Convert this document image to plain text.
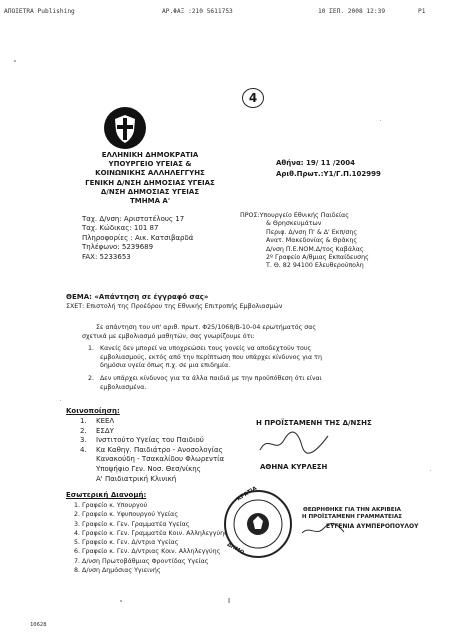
ΑΠΟΙΕΤRA Publishing	ΑΡ.ΦΑΞ :210 5611753	10 ΣΕΠ. 2008 12:39	P1
4
ΕΛΛΗΝΙΚΗ ΔΗΜΟΚΡΑΤΙΑ
ΥΠΟΥΡΓΕΙΟ ΥΓΕΙΑΣ &
ΚΟΙΝΩΝΙΚΗΣ ΑΛΛΗΛΕΓΓΥΗΣ
ΓΕΝΙΚΗ Δ/ΝΣΗ ΔΗΜΟΣΙΑΣ ΥΓΕΙΑΣ
Δ/ΝΣΗ ΔΗΜΟΣΙΑΣ ΥΓΕΙΑΣ
ΤΜΗΜΑ Α'
Αθήνα: 19/ 11 /2004
Αριθ.Πρωτ.:Υ1/Γ.Π.102999
Ταχ. Δ/νση: Αριστοτέλους 17
Ταχ. Κώδικας: 101 87
Πληροφορίες : Αικ. Κατσιβαρδά
Τηλέφωνο: 5239689
FAX: 5233653
ΠΡΟΣ:Υπουργείο Εθνικής Παιδείας
& Θρησκευμάτων
Περιφ. Δ/νση Π' & Δ' Εκπ/σης
Ανατ. Μακεδονίας & Θράκης
Δ/νση Π.Ε.ΝΟΜ.Δ/τος Καβάλας
2º Γραφείο Α/θμιας Εκπαίδευσης
Τ. Θ. 82 94100 Ελευθερούπολη
ΘΕΜΑ: «Απάντηση σε έγγραφό σας»
ΣΧΕΤ: Επιστολή της Προέδρου της Εθνικής Επιτροπής Εμβολιασμών
Σε απάντηση του υπ' αριθ. πρωτ. Φ25/1068/Β-10-04 ερωτήματός σας
σχετικά με εμβολιασμό μαθητών, σας γνωρίζουμε ότι:
1. Κανείς δεν μπορεί να υποχρεώσει τους γονείς να αποδεχτούν τους
εμβολιασμούς, εκτός από την περίπτωση που υπάρχει κίνδυνος για τη
δημόσια υγεία όπως π.χ. σε μια επιδημία.
2. Δεν υπάρχει κίνδυνος για τα άλλα παιδιά με την προϋπόθεση ότι είναι
εμβολιασμένα.
Κοινοποίηση:
1. ΚΕΕΛ
2. ΕΣΔΥ
3. Ινστιτούτο Υγείας του Παιδιού
4. Κα Καθηγ. Παιδιάτρο - Ανοσολογίας
Κανακούδη - Τσακαλίδου Φλωρεντία
Υποψήφιο Γεν. Νοσ. Θεσ/νίκης
Α' Παιδιατρική Κλινική
Η ΠΡΟΪΣΤΑΜΕΝΗ ΤΗΣ Δ/ΝΣΗΣ
ΑΘΗΝΑ ΚΥΡΛΕΣΗ
Εσωτερική Διανομή:
1. Γραφείο κ. Υπουργού
2. Γραφείο κ. Υφυπουργού Υγείας
3. Γραφείο κ. Γεν. Γραμματέα Υγείας
4. Γραφείο κ. Γεν. Γραμματέα Κοιν. Αλληλεγγύης
5. Γραφείο κ. Γεν. Δ/ντρια Υγείας
6. Γραφείο κ. Γεν. Δ/ντριας Κοιν. Αλληλεγγύης
7. Δ/νση Πρωτοβάθμιας Φροντίδας Υγείας
8. Δ/νση Δημόσιας Υγιεινής
ΚΡΑΤΙΑ
ΔΗΜΟ
ΘΕΩΡΗΘΗΚΕ ΓΙΑ ΤΗΝ ΑΚΡΙΒΕΙΑ
Η ΠΡΟΪΣΤΑΜΕΝΗ ΓΡΑΜΜΑΤΕΙΑΣ
ΕΥΓΕΝΙΑ ΑΥΜΠΕΡΟΠΟΥΛΟΥ
I
10628
